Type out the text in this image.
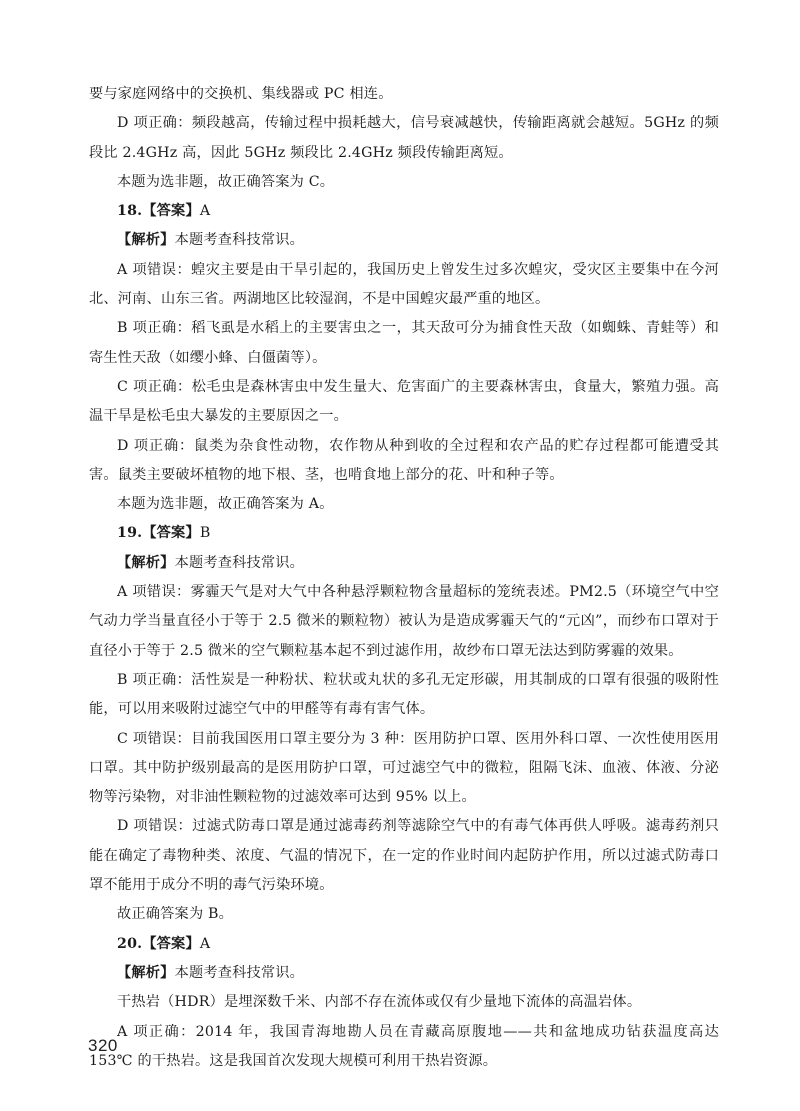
要与家庭网络中的交换机、集线器或 PC 相连。

D 项正确：频段越高，传输过程中损耗越大，信号衰减越快，传输距离就会越短。5GHz 的频段比 2.4GHz 高，因此 5GHz 频段比 2.4GHz 频段传输距离短。

本题为选非题，故正确答案为 C。

18.【答案】A

【解析】本题考查科技常识。

A 项错误：蝗灾主要是由干旱引起的，我国历史上曾发生过多次蝗灾，受灾区主要集中在今河北、河南、山东三省。两湖地区比较湿润，不是中国蝗灾最严重的地区。

B 项正确：稻飞虱是水稻上的主要害虫之一，其天敌可分为捕食性天敌（如蜘蛛、青蛙等）和寄生性天敌（如缨小蜂、白僵菌等）。

C 项正确：松毛虫是森林害虫中发生量大、危害面广的主要森林害虫，食量大，繁殖力强。高温干旱是松毛虫大暴发的主要原因之一。

D 项正确：鼠类为杂食性动物，农作物从种到收的全过程和农产品的贮存过程都可能遭受其害。鼠类主要破坏植物的地下根、茎，也啃食地上部分的花、叶和种子等。

本题为选非题，故正确答案为 A。

19.【答案】B

【解析】本题考查科技常识。

A 项错误：雾霾天气是对大气中各种悬浮颗粒物含量超标的笼统表述。PM2.5（环境空气中空气动力学当量直径小于等于 2.5 微米的颗粒物）被认为是造成雾霾天气的“元凶”，而纱布口罩对于直径小于等于 2.5 微米的空气颗粒基本起不到过滤作用，故纱布口罩无法达到防雾霾的效果。

B 项正确：活性炭是一种粉状、粒状或丸状的多孔无定形碳，用其制成的口罩有很强的吸附性能，可以用来吸附过滤空气中的甲醛等有毒有害气体。

C 项错误：目前我国医用口罩主要分为 3 种：医用防护口罩、医用外科口罩、一次性使用医用口罩。其中防护级别最高的是医用防护口罩，可过滤空气中的微粒，阻隔飞沫、血液、体液、分泌物等污染物，对非油性颗粒物的过滤效率可达到 95% 以上。

D 项错误：过滤式防毒口罩是通过滤毒药剂等滤除空气中的有毒气体再供人呼吸。滤毒药剂只能在确定了毒物种类、浓度、气温的情况下，在一定的作业时间内起防护作用，所以过滤式防毒口罩不能用于成分不明的毒气污染环境。

故正确答案为 B。

20.【答案】A

【解析】本题考查科技常识。

干热岩（HDR）是埋深数千米、内部不存在流体或仅有少量地下流体的高温岩体。

A 项正确：2014 年，我国青海地勘人员在青藏高原腹地——共和盆地成功钻获温度高达 153℃ 的干热岩。这是我国首次发现大规模可利用干热岩资源。

320
